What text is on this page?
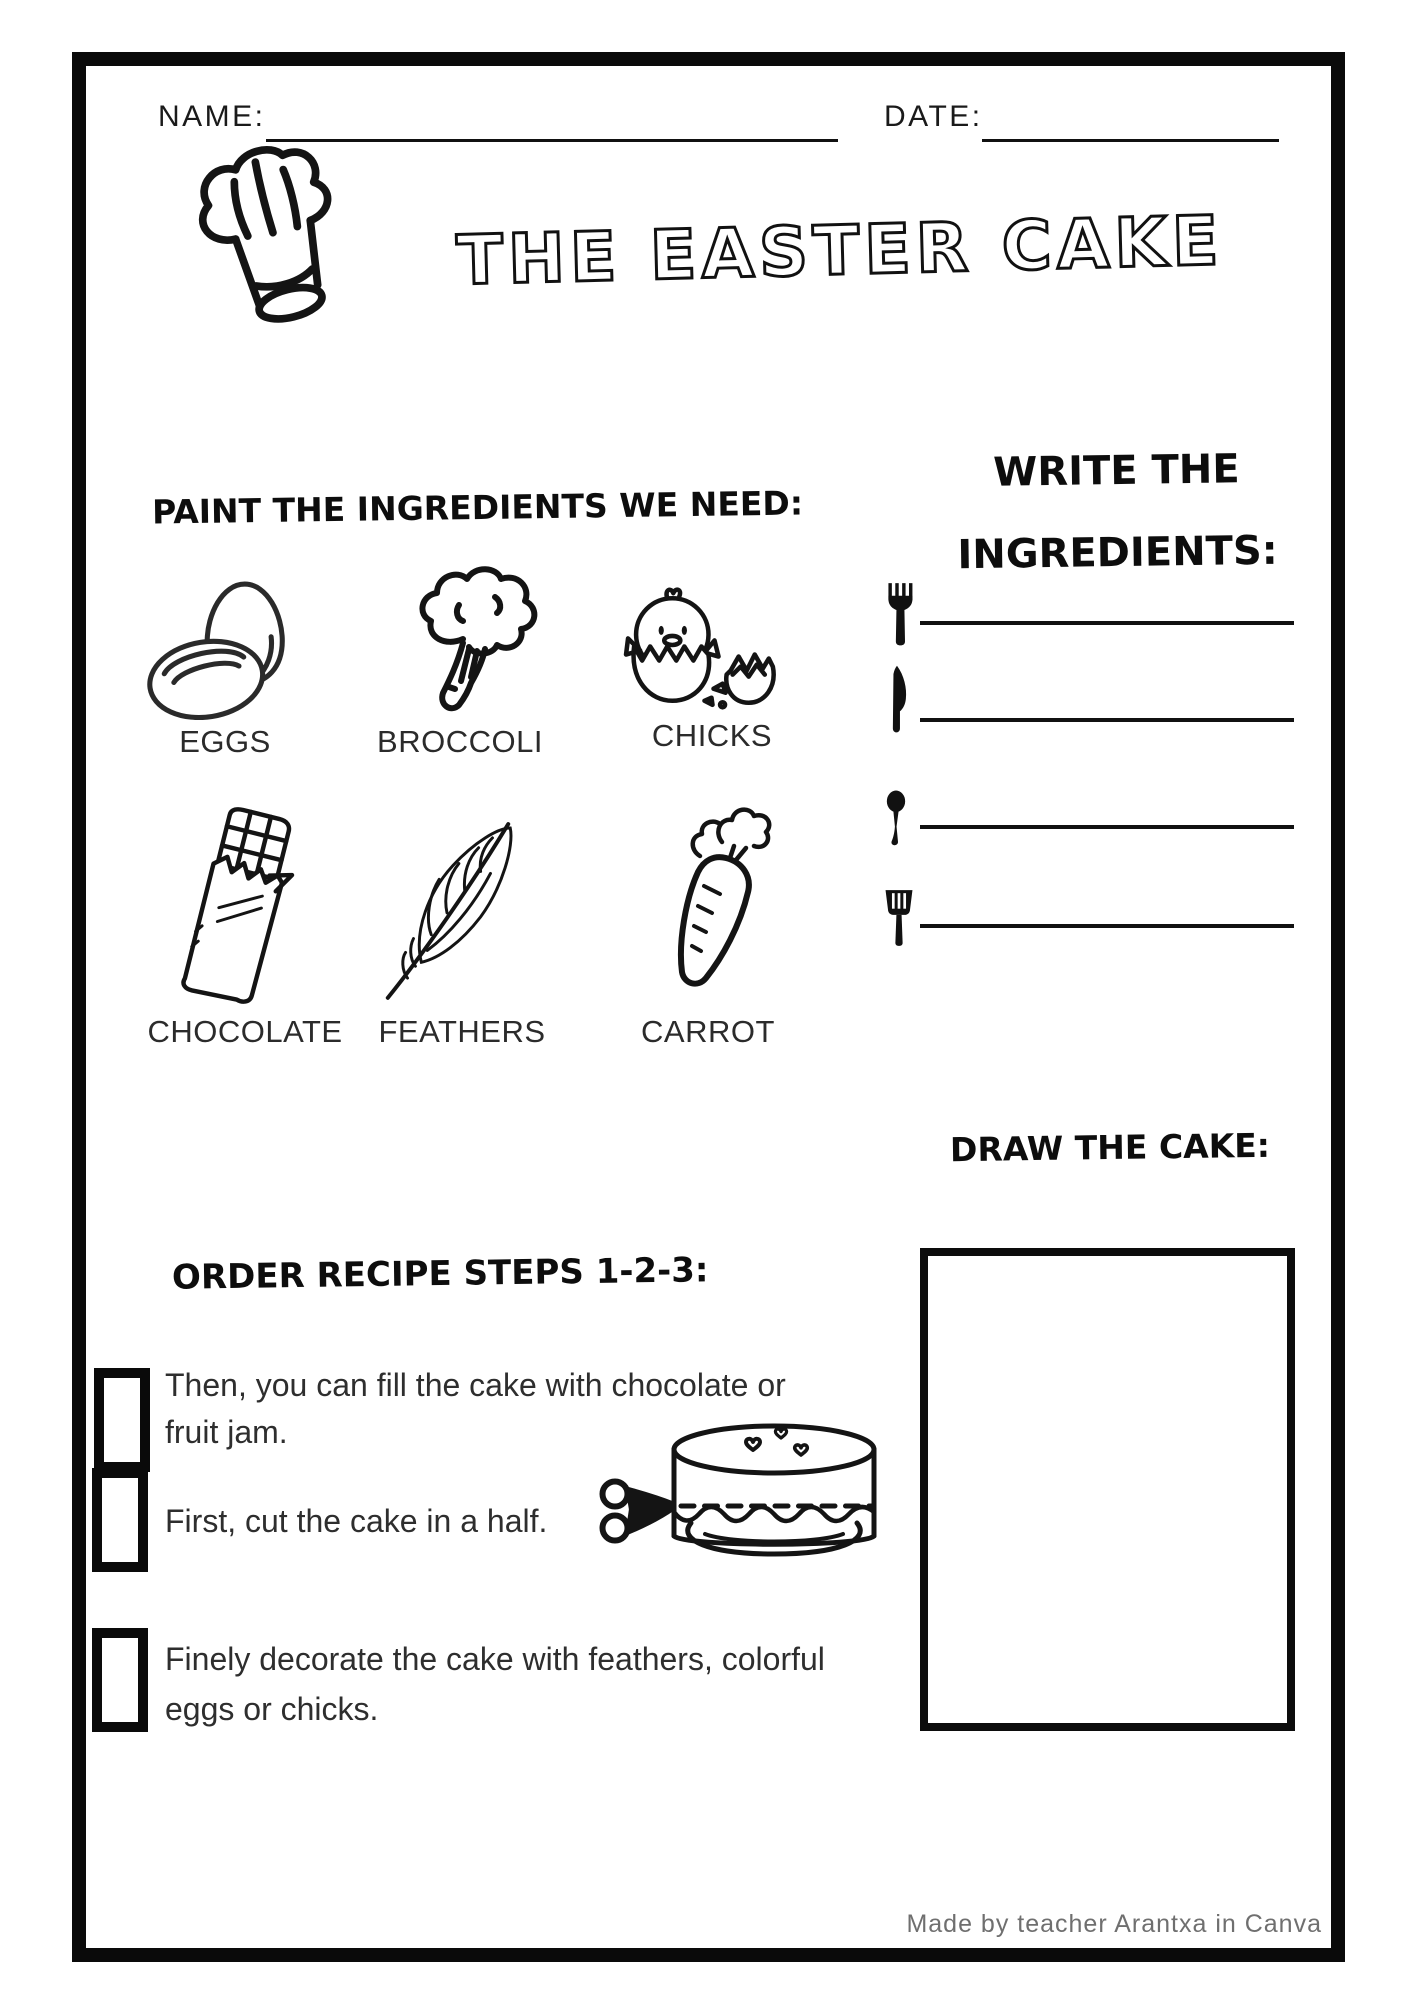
NAME:	DATE:
THE EASTER CAKE
PAINT THE INGREDIENTS WE NEED:
WRITE THE INGREDIENTS:
EGGS	BROCCOLI	CHICKS
CHOCOLATE	FEATHERS	CARROT
DRAW THE CAKE:
ORDER RECIPE STEPS 1-2-3:
Then, you can fill the cake with chocolate or fruit jam.
First, cut the cake in a half.
Finely decorate the cake with feathers, colorful eggs or chicks.
Made by teacher Arantxa in Canva
